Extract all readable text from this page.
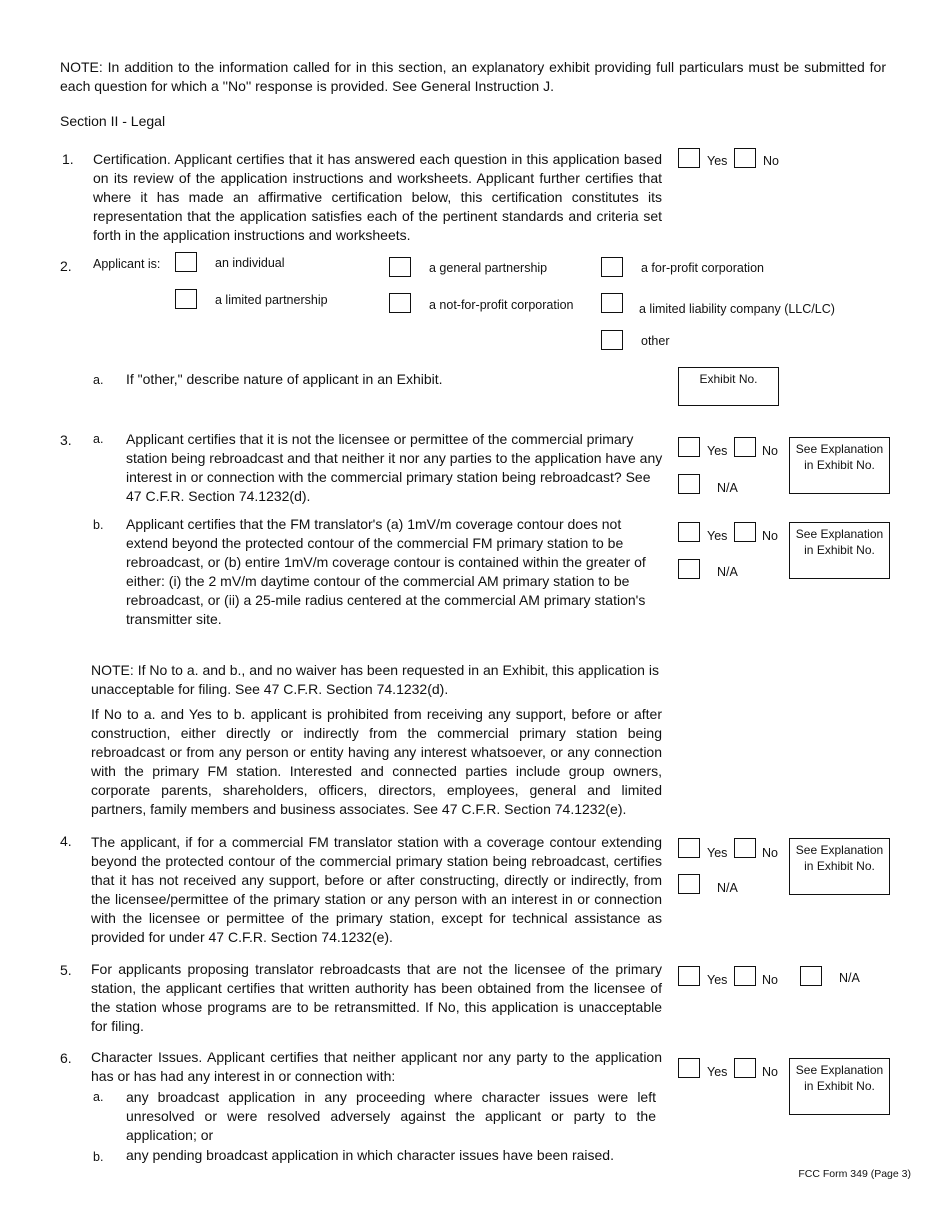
NOTE: In addition to the information called for in this section, an explanatory exhibit providing full particulars must be submitted for each question for which a ''No'' response is provided. See General Instruction J.
Section II - Legal
1. Certification. Applicant certifies that it has answered each question in this application based on its review of the application instructions and worksheets. Applicant further certifies that where it has made an affirmative certification below, this certification constitutes its representation that the application satisfies each of the pertinent standards and criteria set forth in the application instructions and worksheets.
Yes	No
2. Applicant is:	an individual	a general partnership	a for-profit corporation
a limited partnership	a not-for-profit corporation	a limited liability company (LLC/LC)
other
a. If "other," describe nature of applicant in an Exhibit.	Exhibit No.
3. a. Applicant certifies that it is not the licensee or permittee of the commercial primary station being rebroadcast and that neither it nor any parties to the application have any interest in or connection with the commercial primary station being rebroadcast? See 47 C.F.R. Section 74.1232(d).
Yes	No
N/A
See Explanation
in Exhibit No.
b. Applicant certifies that the FM translator's (a) 1mV/m coverage contour does not extend beyond the protected contour of the commercial FM primary station to be rebroadcast, or (b) entire 1mV/m coverage contour is contained within the greater of either: (i) the 2 mV/m daytime contour of the commercial AM primary station to be rebroadcast, or (ii) a 25-mile radius centered at the commercial AM primary station's transmitter site.
Yes	No
N/A
See Explanation
in Exhibit No.
NOTE: If No to a. and b., and no waiver has been requested in an Exhibit, this application is unacceptable for filing. See 47 C.F.R. Section 74.1232(d).
If No to a. and Yes to b. applicant is prohibited from receiving any support, before or after construction, either directly or indirectly from the commercial primary station being rebroadcast or from any person or entity having any interest whatsoever, or any connection with the primary FM station. Interested and connected parties include group owners, corporate parents, shareholders, officers, directors, employees, general and limited partners, family members and business associates. See 47 C.F.R. Section 74.1232(e).
4. The applicant, if for a commercial FM translator station with a coverage contour extending beyond the protected contour of the commercial primary station being rebroadcast, certifies that it has not received any support, before or after constructing, directly or indirectly, from the licensee/permittee of the primary station or any person with an interest in or connection with the licensee or permittee of the primary station, except for technical assistance as provided for under 47 C.F.R. Section 74.1232(e).
Yes	No
N/A
See Explanation
in Exhibit No.
5. For applicants proposing translator rebroadcasts that are not the licensee of the primary station, the applicant certifies that written authority has been obtained from the licensee of the station whose programs are to be retransmitted. If No, this application is unacceptable for filing.
Yes	No	N/A
6. Character Issues. Applicant certifies that neither applicant nor any party to the application has or has had any interest in or connection with:	Yes	No	See Explanation
in Exhibit No.
a. any broadcast application in any proceeding where character issues were left unresolved or were resolved adversely against the applicant or party to the application; or
b. any pending broadcast application in which character issues have been raised.
FCC Form 349 (Page 3)
